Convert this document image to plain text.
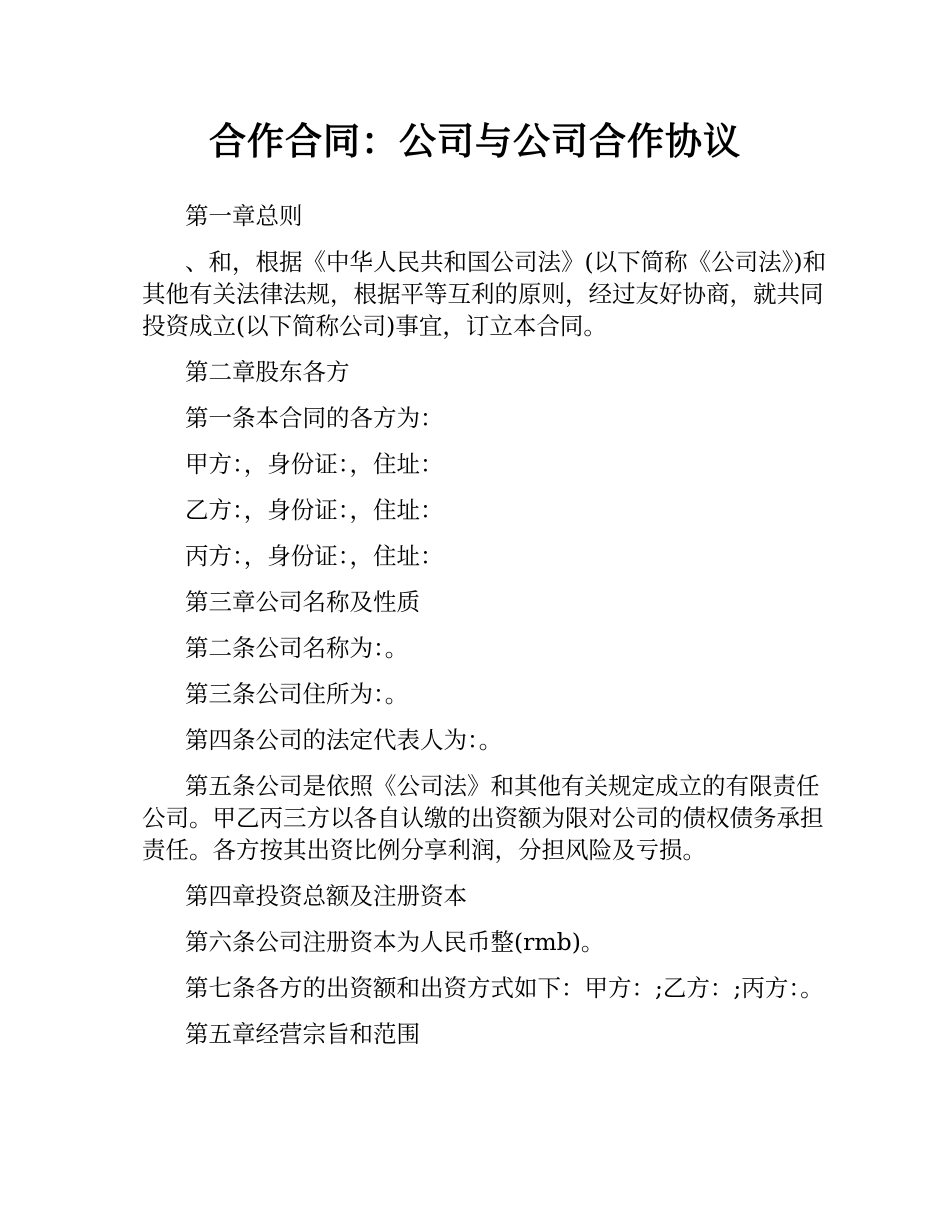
合作合同：公司与公司合作协议

第一章总则

、和，根据《中华人民共和国公司法》(以下简称《公司法》)和其他有关法律法规，根据平等互利的原则，经过友好协商，就共同投资成立(以下简称公司)事宜，订立本合同。

第二章股东各方

第一条本合同的各方为：

甲方：，身份证：，住址：

乙方：，身份证：，住址：

丙方：，身份证：，住址：

第三章公司名称及性质

第二条公司名称为：。

第三条公司住所为：。

第四条公司的法定代表人为：。

第五条公司是依照《公司法》和其他有关规定成立的有限责任公司。甲乙丙三方以各自认缴的出资额为限对公司的债权债务承担责任。各方按其出资比例分享利润，分担风险及亏损。

第四章投资总额及注册资本

第六条公司注册资本为人民币整(rmb)。

第七条各方的出资额和出资方式如下：甲方：;乙方：;丙方：。

第五章经营宗旨和范围
